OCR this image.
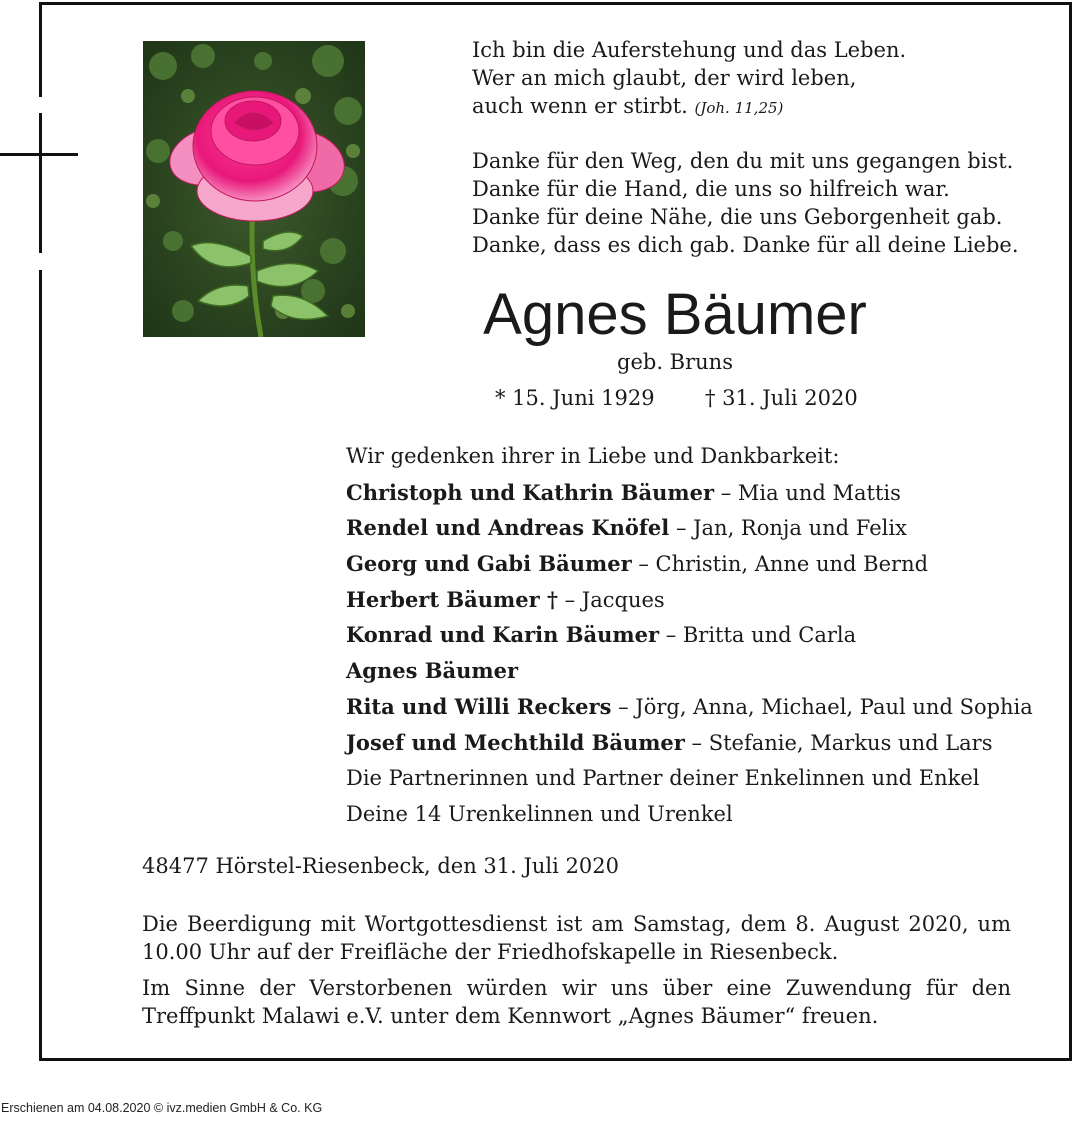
Ich bin die Auferstehung und das Leben.
Wer an mich glaubt, der wird leben,
auch wenn er stirbt. (Joh. 11,25)
Danke für den Weg, den du mit uns gegangen bist.
Danke für die Hand, die uns so hilfreich war.
Danke für deine Nähe, die uns Geborgenheit gab.
Danke, dass es dich gab. Danke für all deine Liebe.
Agnes Bäumer
geb. Bruns
* 15. Juni 1929 † 31. Juli 2020
Wir gedenken ihrer in Liebe und Dankbarkeit:
Christoph und Kathrin Bäumer – Mia und Mattis
Rendel und Andreas Knöfel – Jan, Ronja und Felix
Georg und Gabi Bäumer – Christin, Anne und Bernd
Herbert Bäumer † – Jacques
Konrad und Karin Bäumer – Britta und Carla
Agnes Bäumer
Rita und Willi Reckers – Jörg, Anna, Michael, Paul und Sophia
Josef und Mechthild Bäumer – Stefanie, Markus und Lars
Die Partnerinnen und Partner deiner Enkelinnen und Enkel
Deine 14 Urenkelinnen und Urenkel
48477 Hörstel-Riesenbeck, den 31. Juli 2020
Die Beerdigung mit Wortgottesdienst ist am Samstag, dem 8. August 2020, um 10.00 Uhr auf der Freifläche der Friedhofskapelle in Riesenbeck.
Im Sinne der Verstorbenen würden wir uns über eine Zuwendung für den Treffpunkt Malawi e.V. unter dem Kennwort „Agnes Bäumer“ freuen.
Erschienen am 04.08.2020 © ivz.medien GmbH & Co. KG
